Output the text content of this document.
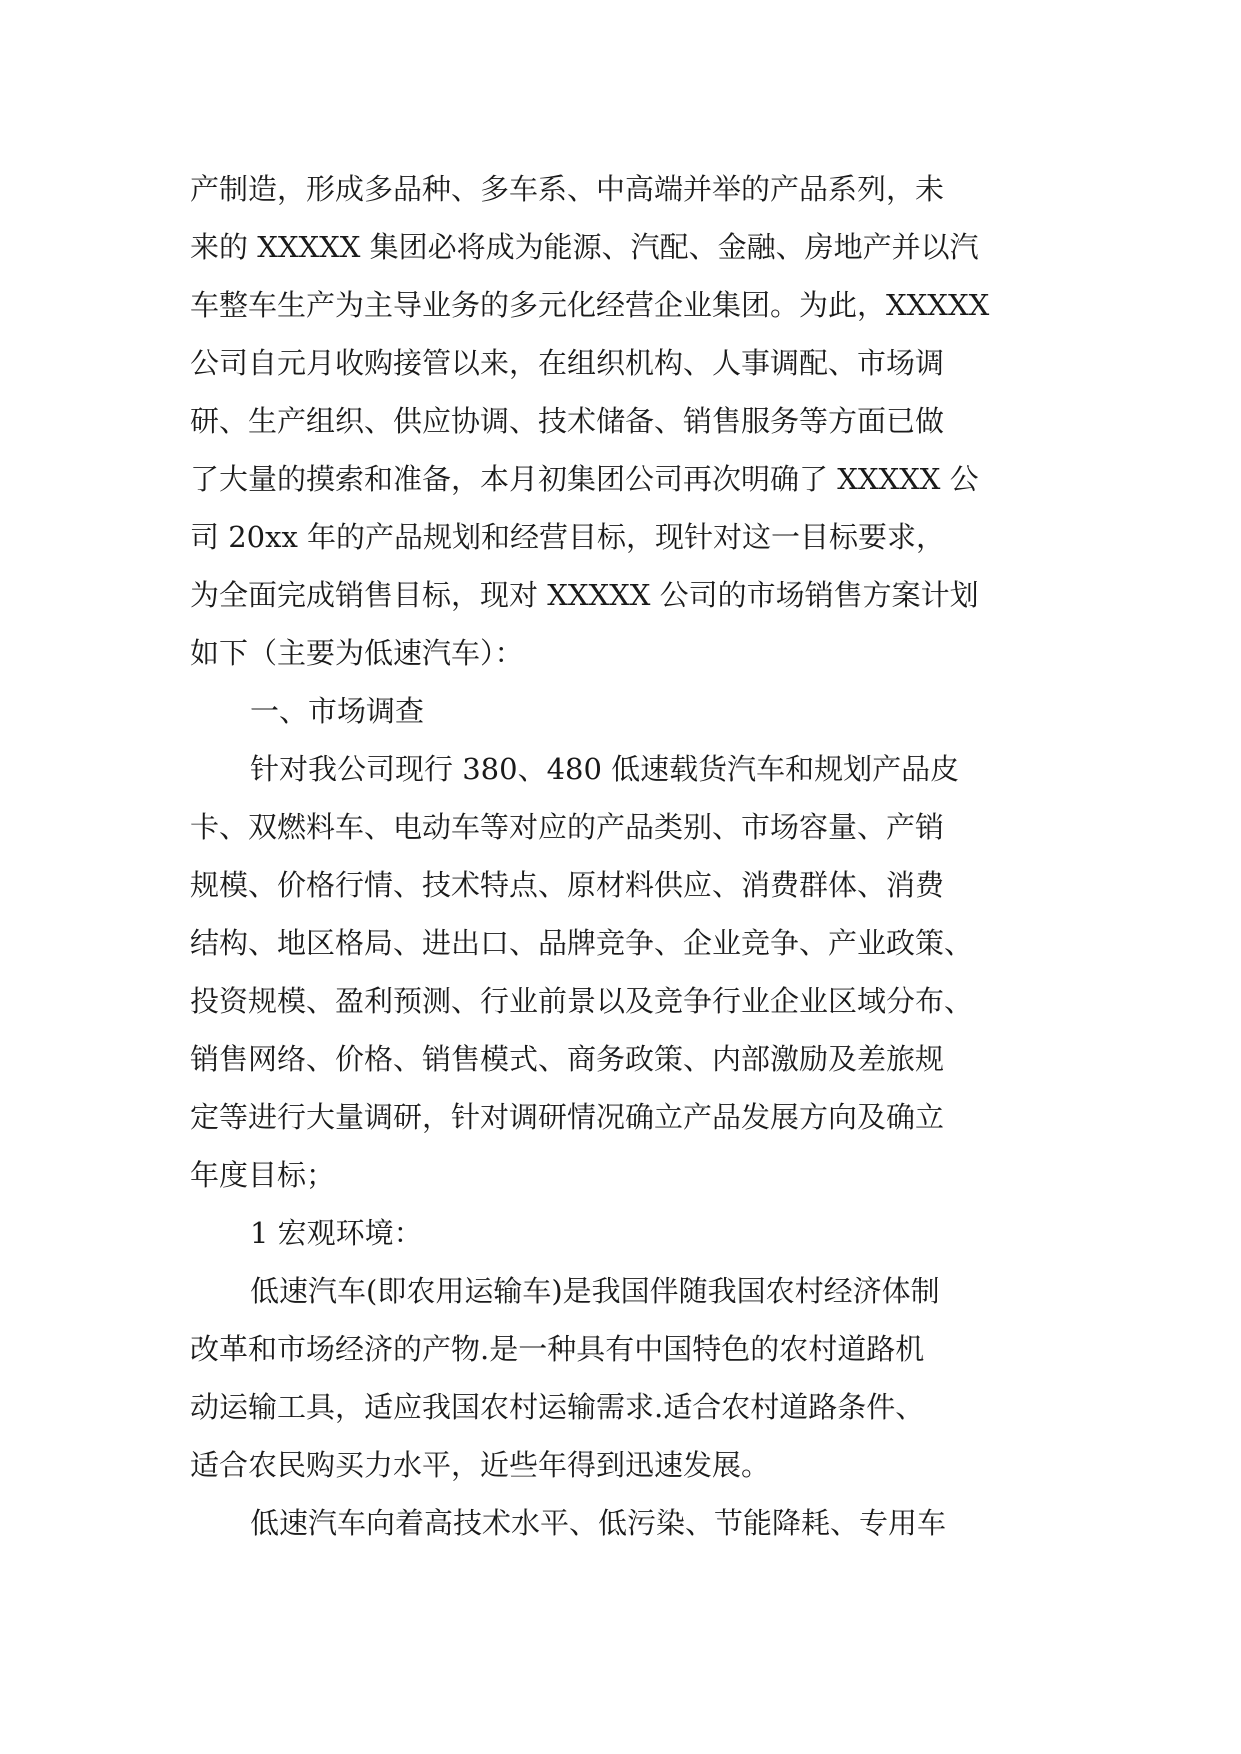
产制造，形成多品种、多车系、中高端并举的产品系列，未
来的 XXXXX 集团必将成为能源、汽配、金融、房地产并以汽
车整车生产为主导业务的多元化经营企业集团。为此，XXXXX
公司自元月收购接管以来，在组织机构、人事调配、市场调
研、生产组织、供应协调、技术储备、销售服务等方面已做
了大量的摸索和准备，本月初集团公司再次明确了 XXXXX 公
司 20xx 年的产品规划和经营目标，现针对这一目标要求，
为全面完成销售目标，现对 XXXXX 公司的市场销售方案计划
如下（主要为低速汽车）：
一、市场调查
针对我公司现行 380、480 低速载货汽车和规划产品皮
卡、双燃料车、电动车等对应的产品类别、市场容量、产销
规模、价格行情、技术特点、原材料供应、消费群体、消费
结构、地区格局、进出口、品牌竞争、企业竞争、产业政策、
投资规模、盈利预测、行业前景以及竞争行业企业区域分布、
销售网络、价格、销售模式、商务政策、内部激励及差旅规
定等进行大量调研，针对调研情况确立产品发展方向及确立
年度目标；
1 宏观环境：
低速汽车(即农用运输车)是我国伴随我国农村经济体制
改革和市场经济的产物.是一种具有中国特色的农村道路机
动运输工具，适应我国农村运输需求.适合农村道路条件、
适合农民购买力水平，近些年得到迅速发展。
低速汽车向着高技术水平、低污染、节能降耗、专用车
